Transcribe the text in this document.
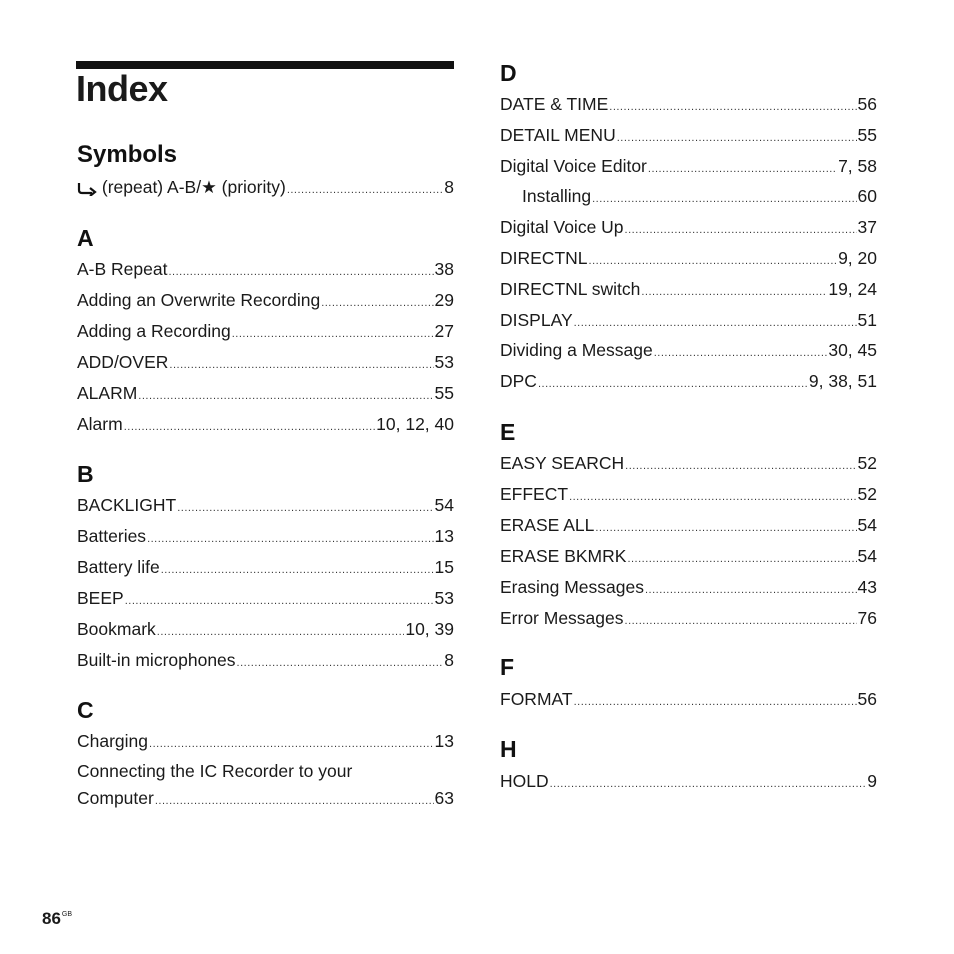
Index
Symbols
(repeat) A-B/★ (priority) .....	8
A
A-B Repeat .....	38
Adding an Overwrite Recording .....	29
Adding a Recording .....	27
ADD/OVER .....	53
ALARM .....	55
Alarm .....	10, 12, 40
B
BACKLIGHT .....	54
Batteries .....	13
Battery life .....	15
BEEP .....	53
Bookmark .....	10, 39
Built-in microphones .....	8
C
Charging .....	13
Connecting the IC Recorder to your
Computer .....	63
D
DATE & TIME .....	56
DETAIL MENU .....	55
Digital Voice Editor .....	7, 58
Installing .....	60
Digital Voice Up .....	37
DIRECTNL .....	9, 20
DIRECTNL switch .....	19, 24
DISPLAY .....	51
Dividing a Message .....	30, 45
DPC .....	9, 38, 51
E
EASY SEARCH .....	52
EFFECT .....	52
ERASE ALL .....	54
ERASE BKMRK .....	54
Erasing Messages .....	43
Error Messages .....	76
F
FORMAT .....	56
H
HOLD .....	9
$86^{GB}$
